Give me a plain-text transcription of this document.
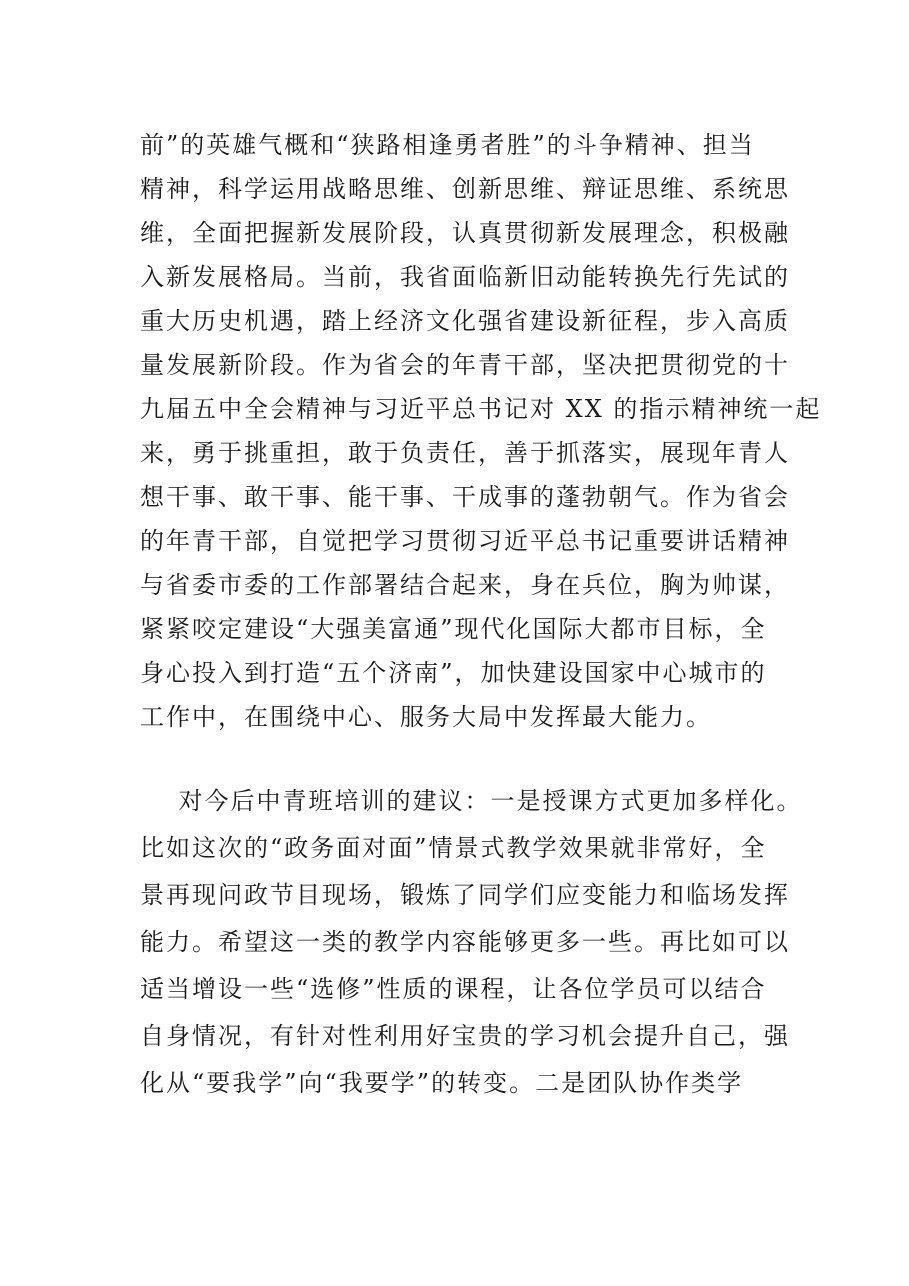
前”的英雄气概和“狭路相逢勇者胜”的斗争精神、担当
精神，科学运用战略思维、创新思维、辩证思维、系统思
维，全面把握新发展阶段，认真贯彻新发展理念，积极融
入新发展格局。当前，我省面临新旧动能转换先行先试的
重大历史机遇，踏上经济文化强省建设新征程，步入高质
量发展新阶段。作为省会的年青干部，坚决把贯彻党的十
九届五中全会精神与习近平总书记对 XX 的指示精神统一起
来，勇于挑重担，敢于负责任，善于抓落实，展现年青人
想干事、敢干事、能干事、干成事的蓬勃朝气。作为省会
的年青干部，自觉把学习贯彻习近平总书记重要讲话精神
与省委市委的工作部署结合起来，身在兵位，胸为帅谋，
紧紧咬定建设“大强美富通”现代化国际大都市目标，全
身心投入到打造“五个济南”，加快建设国家中心城市的
工作中，在围绕中心、服务大局中发挥最大能力。
对今后中青班培训的建议：一是授课方式更加多样化。
比如这次的“政务面对面”情景式教学效果就非常好，全
景再现问政节目现场，锻炼了同学们应变能力和临场发挥
能力。希望这一类的教学内容能够更多一些。再比如可以
适当增设一些“选修”性质的课程，让各位学员可以结合
自身情况，有针对性利用好宝贵的学习机会提升自己，强
化从“要我学”向“我要学”的转变。二是团队协作类学
